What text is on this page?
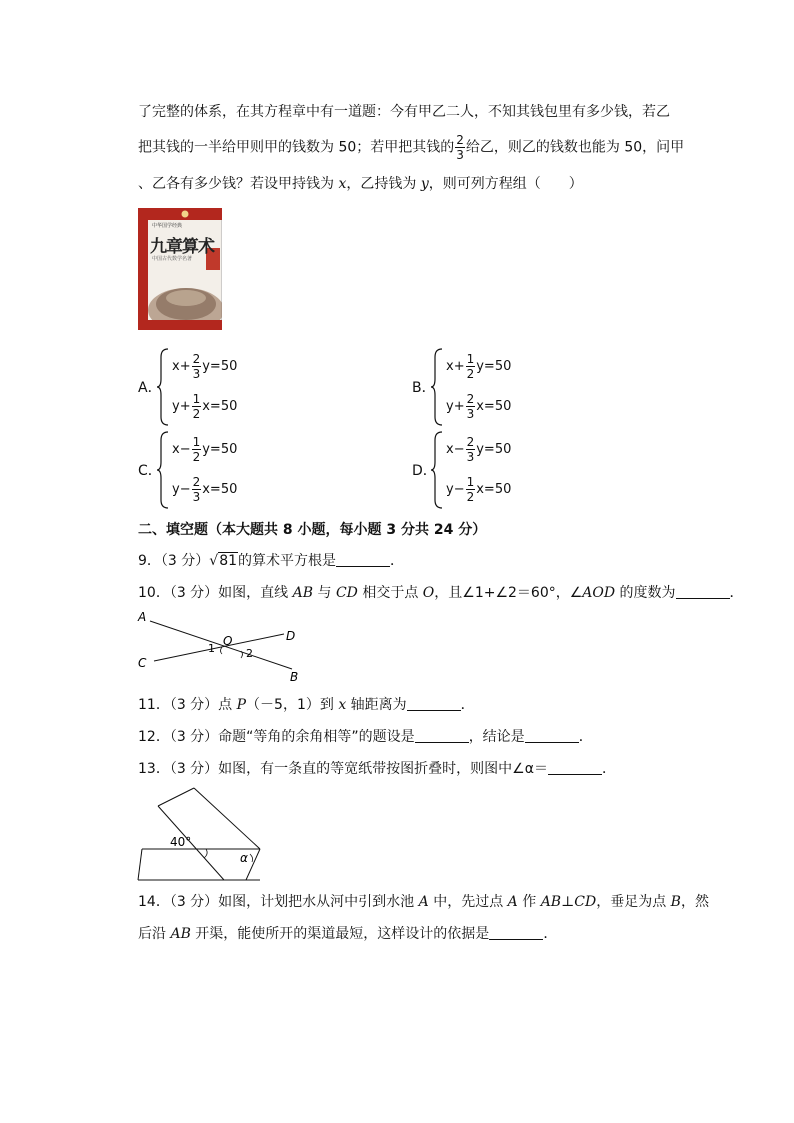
了完整的体系，在其方程章中有一道题：今有甲乙二人，不知其钱包里有多少钱，若乙
把其钱的一半给甲则甲的钱数为 50；若甲把其钱的 $\frac{2}{3}$ 给乙，则乙的钱数也能为 50，问甲
、乙各有多少钱？若设甲持钱为 x，乙持钱为 y，则可列方程组（　　）
中华国学经典
九章算术
中国古代数学名著
A．
$x+ \frac{2}{3} y=50$
$y+ \frac{1}{2} x=50$
B．
$x+ \frac{1}{2} y=50$
$y+ \frac{2}{3} x=50$
C．
$x- \frac{1}{2} y=50$
$y- \frac{2}{3} x=50$
D．
$x- \frac{2}{3} y=50$
$y- \frac{1}{2} x=50$
二、填空题（本大题共 8 小题，每小题 3 分共 24 分）
9．（3 分）√81的算术平方根是	．
10．（3 分）如图，直线 AB 与 CD 相交于点 O，且∠1+∠2＝60°，∠AOD 的度数为	．
A
C
D
B
O
1	2
11．（3 分）点 P（－5，1）到 x 轴距离为	．
12．（3 分）命题“等角的余角相等”的题设是	，结论是	．
13．（3 分）如图，有一条直的等宽纸带按图折叠时，则图中∠α＝	．
40°
α
14．（3 分）如图，计划把水从河中引到水池 A 中，先过点 A 作 AB⊥CD，垂足为点 B，然
后沿 AB 开渠，能使所开的渠道最短，这样设计的依据是	．
